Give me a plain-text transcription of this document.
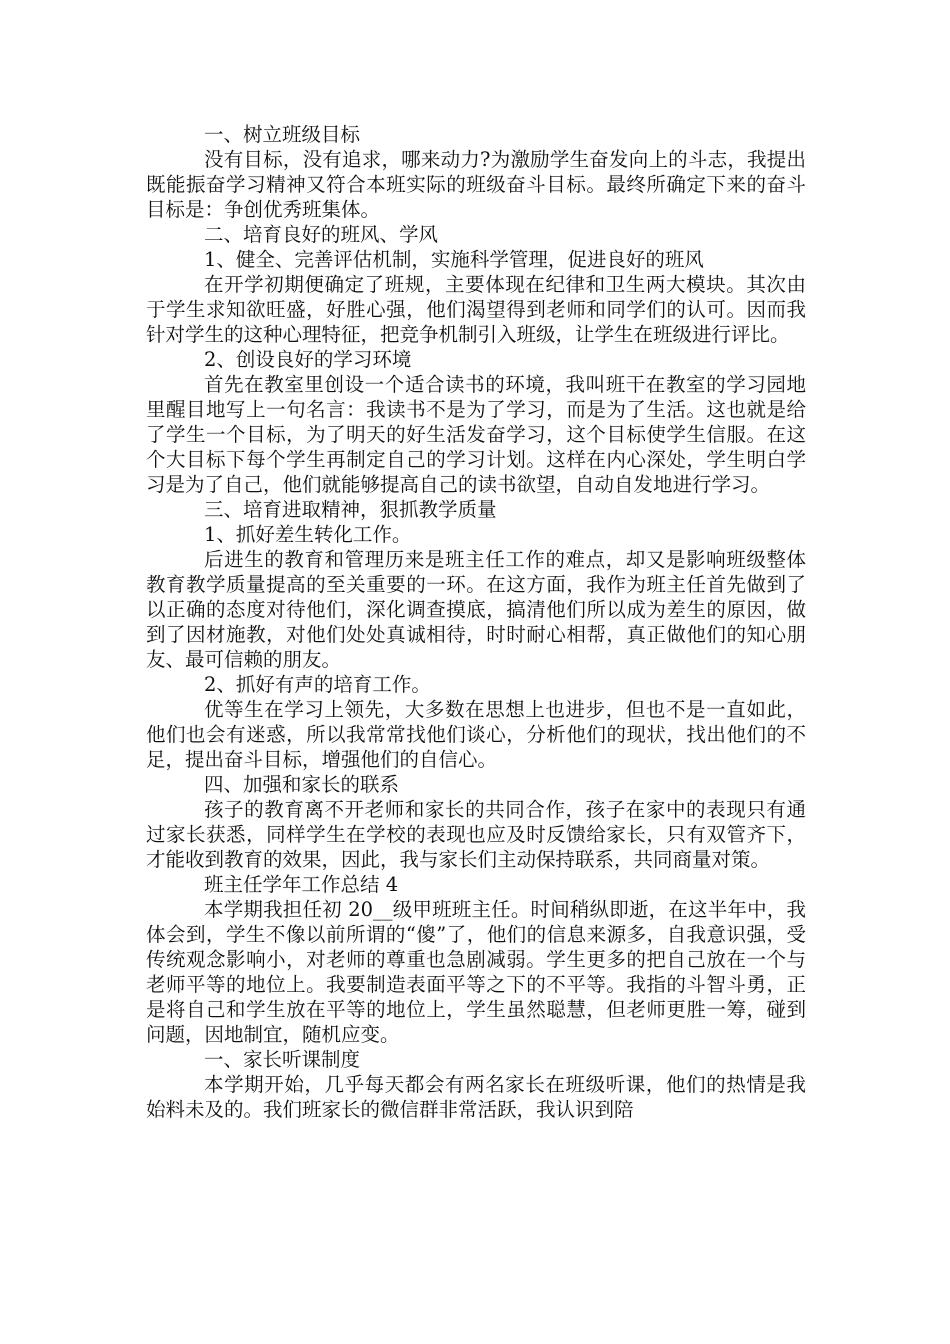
一、树立班级目标

没有目标，没有追求，哪来动力?为激励学生奋发向上的斗志，我提出既能振奋学习精神又符合本班实际的班级奋斗目标。最终所确定下来的奋斗目标是：争创优秀班集体。

二、培育良好的班风、学风

1、健全、完善评估机制，实施科学管理，促进良好的班风

在开学初期便确定了班规，主要体现在纪律和卫生两大模块。其次由于学生求知欲旺盛，好胜心强，他们渴望得到老师和同学们的认可。因而我针对学生的这种心理特征，把竞争机制引入班级，让学生在班级进行评比。

2、创设良好的学习环境

首先在教室里创设一个适合读书的环境，我叫班干在教室的学习园地里醒目地写上一句名言：我读书不是为了学习，而是为了生活。这也就是给了学生一个目标，为了明天的好生活发奋学习，这个目标使学生信服。在这个大目标下每个学生再制定自己的学习计划。这样在内心深处，学生明白学习是为了自己，他们就能够提高自己的读书欲望，自动自发地进行学习。

三、培育进取精神，狠抓教学质量

1、抓好差生转化工作。

后进生的教育和管理历来是班主任工作的难点，却又是影响班级整体教育教学质量提高的至关重要的一环。在这方面，我作为班主任首先做到了以正确的态度对待他们，深化调查摸底，搞清他们所以成为差生的原因，做到了因材施教，对他们处处真诚相待，时时耐心相帮，真正做他们的知心朋友、最可信赖的朋友。

2、抓好有声的培育工作。

优等生在学习上领先，大多数在思想上也进步，但也不是一直如此，他们也会有迷惑，所以我常常找他们谈心，分析他们的现状，找出他们的不足，提出奋斗目标，增强他们的自信心。

四、加强和家长的联系

孩子的教育离不开老师和家长的共同合作，孩子在家中的表现只有通过家长获悉，同样学生在学校的表现也应及时反馈给家长，只有双管齐下，才能收到教育的效果，因此，我与家长们主动保持联系，共同商量对策。

班主任学年工作总结 4

本学期我担任初 20__级甲班班主任。时间稍纵即逝，在这半年中，我体会到，学生不像以前所谓的“傻”了，他们的信息来源多，自我意识强，受传统观念影响小，对老师的尊重也急剧减弱。学生更多的把自己放在一个与老师平等的地位上。我要制造表面平等之下的不平等。我指的斗智斗勇，正是将自己和学生放在平等的地位上，学生虽然聪慧，但老师更胜一筹，碰到问题，因地制宜，随机应变。

一、家长听课制度

本学期开始，几乎每天都会有两名家长在班级听课，他们的热情是我始料未及的。我们班家长的微信群非常活跃，我认识到陪
